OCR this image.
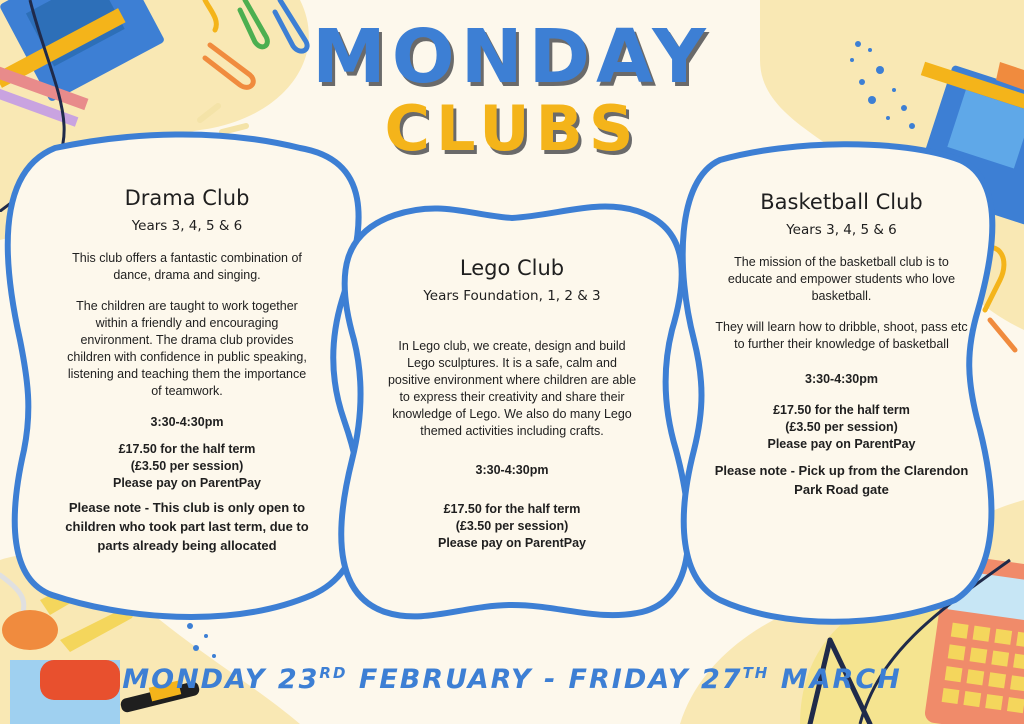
MONDAY
CLUBS
Drama Club
Years 3, 4, 5 & 6

This club offers a fantastic combination of dance, drama and singing.

The children are taught to work together within a friendly and encouraging environment. The drama club provides children with confidence in public speaking, listening and teaching them the importance of teamwork.

3:30-4:30pm
£17.50 for the half term
(£3.50 per session)
Please pay on ParentPay
Please note - This club is only open to children who took part last term, due to parts already being allocated
Lego Club
Years Foundation, 1, 2 & 3

In Lego club, we create, design and build Lego sculptures. It is a safe, calm and positive environment where children are able to express their creativity and share their knowledge of Lego. We also do many Lego themed activities including crafts.

3:30-4:30pm
£17.50 for the half term
(£3.50 per session)
Please pay on ParentPay
Basketball Club
Years 3, 4, 5 & 6

The mission of the basketball club is to educate and empower students who love basketball.

They will learn how to dribble, shoot, pass etc to further their knowledge of basketball

3:30-4:30pm
£17.50 for the half term
(£3.50 per session)
Please pay on ParentPay
Please note - Pick up from the Clarendon Park Road gate
MONDAY 23RD FEBRUARY - FRIDAY 27TH MARCH
